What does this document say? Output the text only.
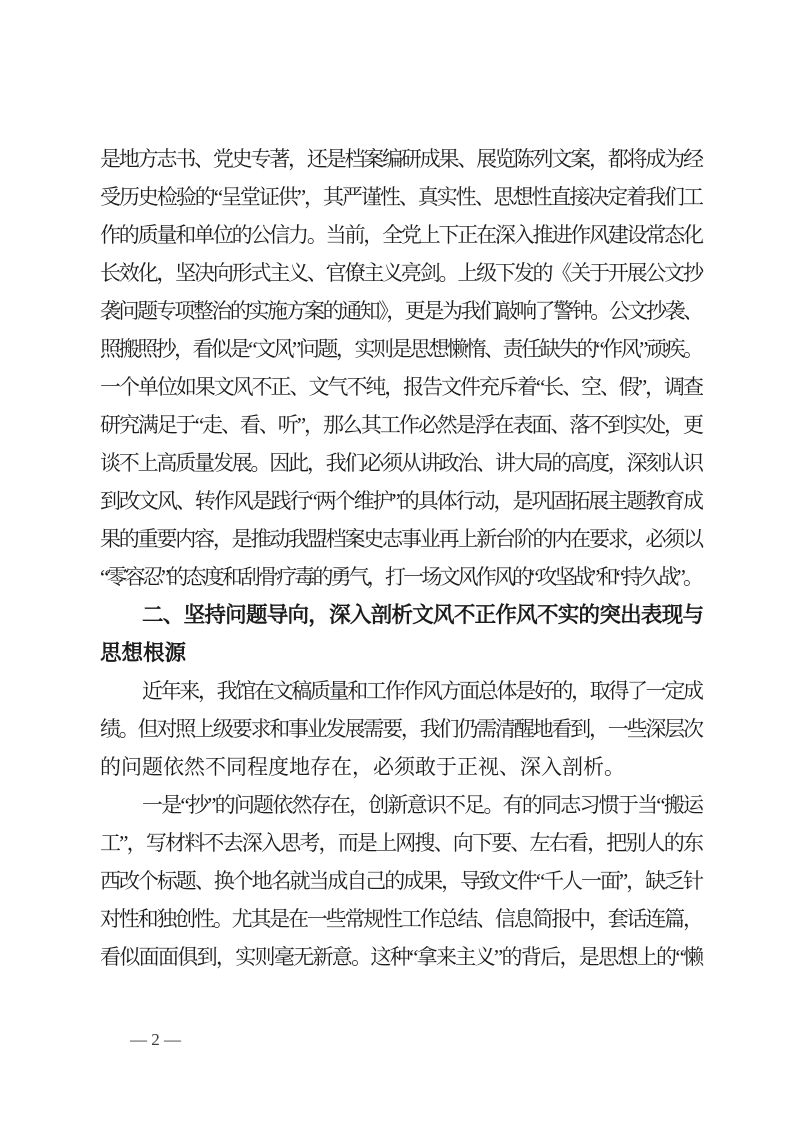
是地方志书、党史专著，还是档案编研成果、展览陈列文案，都将成为经
受历史检验的“呈堂证供”，其严谨性、真实性、思想性直接决定着我们工
作的质量和单位的公信力。当前，全党上下正在深入推进作风建设常态化
长效化，坚决向形式主义、官僚主义亮剑。上级下发的《关于开展公文抄
袭问题专项整治的实施方案的通知》，更是为我们敲响了警钟。公文抄袭、
照搬照抄，看似是“文风”问题，实则是思想懒惰、责任缺失的“作风”顽疾。
一个单位如果文风不正、文气不纯，报告文件充斥着“长、空、假”，调查
研究满足于“走、看、听”，那么其工作必然是浮在表面、落不到实处，更
谈不上高质量发展。因此，我们必须从讲政治、讲大局的高度，深刻认识
到改文风、转作风是践行“两个维护”的具体行动，是巩固拓展主题教育成
果的重要内容，是推动我盟档案史志事业再上新台阶的内在要求，必须以
“零容忍”的态度和刮骨疗毒的勇气，打一场文风作风的“攻坚战”和“持久战”。
二、坚持问题导向，深入剖析文风不正作风不实的突出表现与
思想根源
近年来，我馆在文稿质量和工作作风方面总体是好的，取得了一定成
绩。但对照上级要求和事业发展需要，我们仍需清醒地看到，一些深层次
的问题依然不同程度地存在，必须敢于正视、深入剖析。
一是“抄”的问题依然存在，创新意识不足。有的同志习惯于当“搬运
工”，写材料不去深入思考，而是上网搜、向下要、左右看，把别人的东
西改个标题、换个地名就当成自己的成果，导致文件“千人一面”，缺乏针
对性和独创性。尤其是在一些常规性工作总结、信息简报中，套话连篇，
看似面面俱到，实则毫无新意。这种“拿来主义”的背后，是思想上的“懒
— 2 —
